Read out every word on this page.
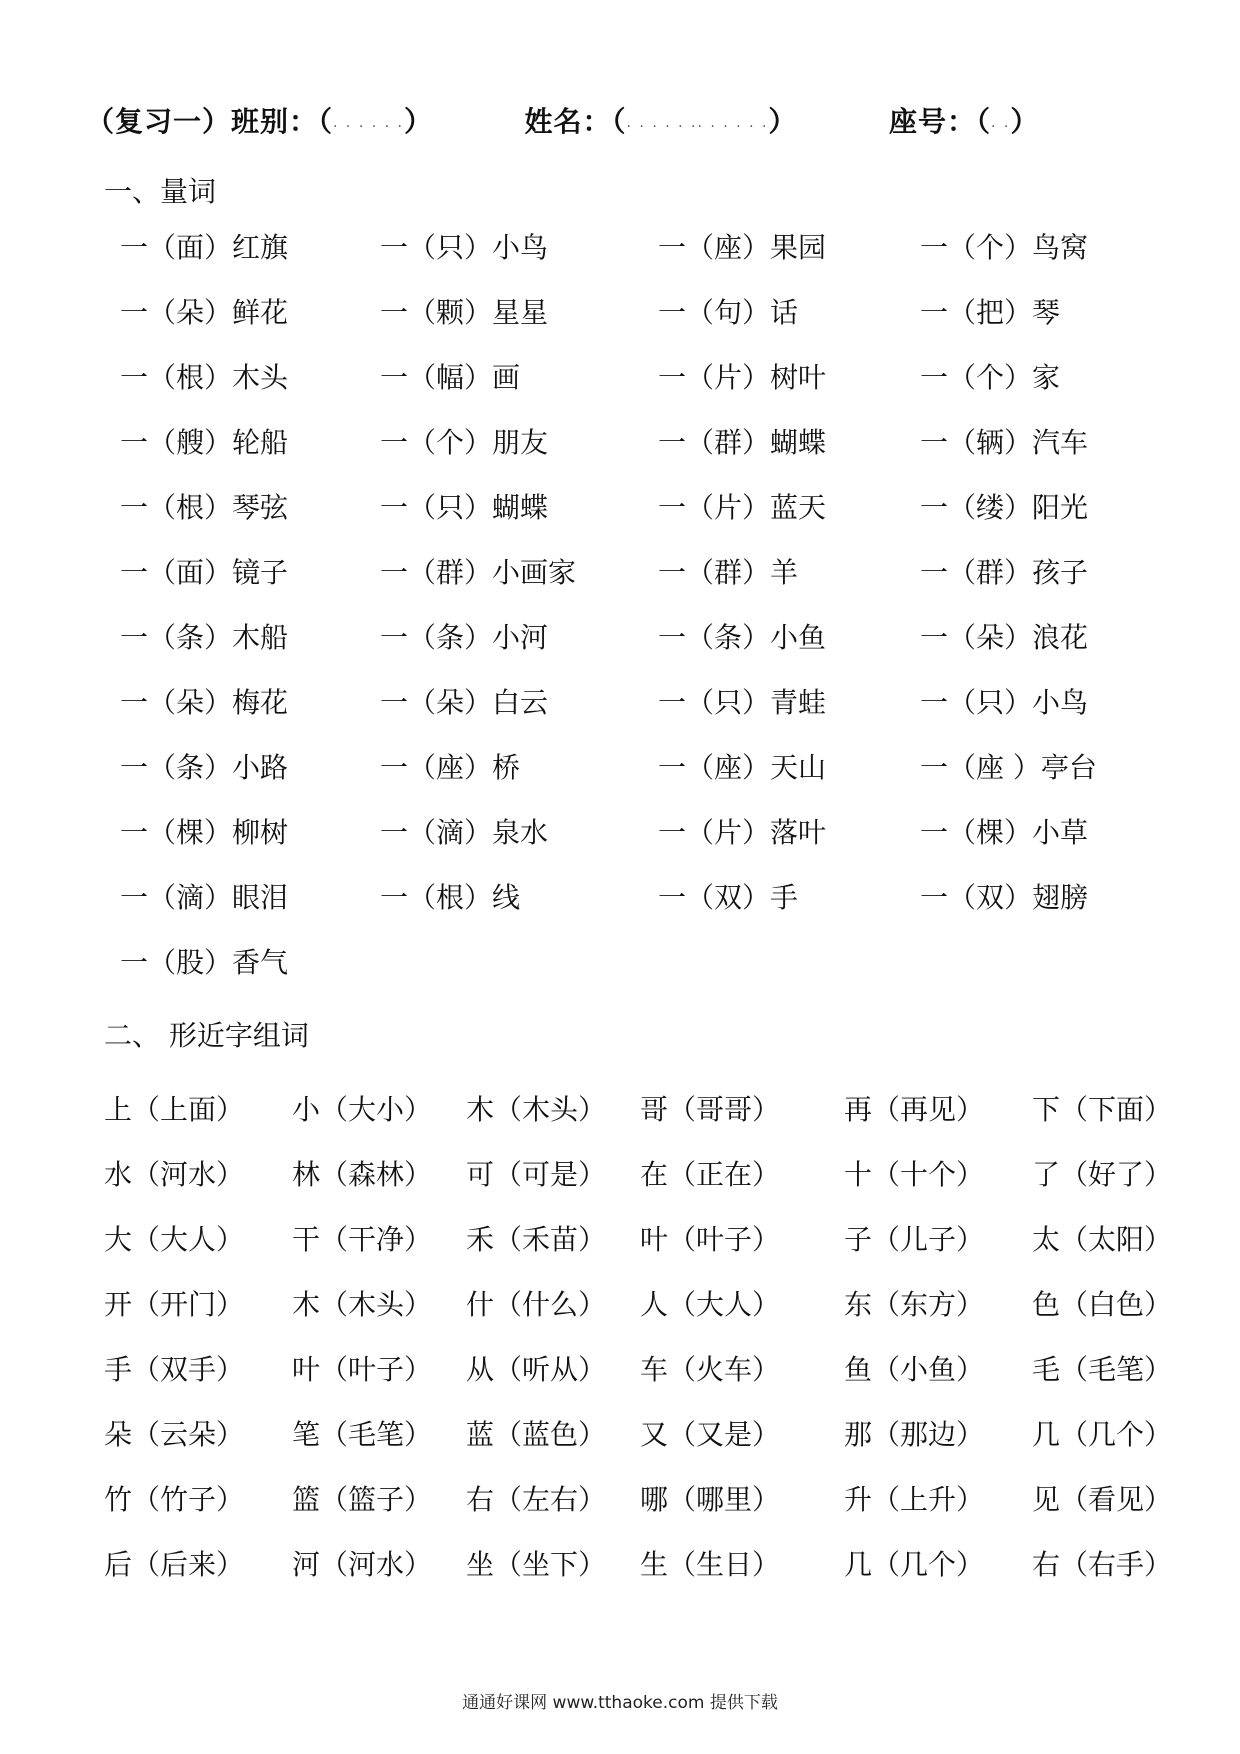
（复习一）班别：（· · · · · ·）	姓名：（· · · · · ·· · · · · ·）	座号：（· ·）
一、量词
一（面）红旗	一（只）小鸟	一（座）果园	一（个）鸟窝
一（朵）鲜花	一（颗）星星	一（句）话	一（把）琴
一（根）木头	一（幅）画	一（片）树叶	一（个）家
一（艘）轮船	一（个）朋友	一（群）蝴蝶	一（辆）汽车
一（根）琴弦	一（只）蝴蝶	一（片）蓝天	一（缕）阳光
一（面）镜子	一（群）小画家	一（群）羊	一（群）孩子
一（条）木船	一（条）小河	一（条）小鱼	一（朵）浪花
一（朵）梅花	一（朵）白云	一（只）青蛙	一（只）小鸟
一（条）小路	一（座）桥	一（座）天山	一（座 ）亭台
一（棵）柳树	一（滴）泉水	一（片）落叶	一（棵）小草
一（滴）眼泪	一（根）线	一（双）手	一（双）翅膀
一（股）香气
二、 形近字组词
上（上面） 小（大小） 木（木头） 哥（哥哥） 再（再见） 下（下面）
水（河水） 林（森林） 可（可是） 在（正在） 十（十个） 了（好了）
大（大人） 干（干净） 禾（禾苗） 叶（叶子） 子（儿子） 太（太阳）
开（开门） 木（木头） 什（什么） 人（大人） 东（东方） 色（白色）
手（双手） 叶（叶子） 从（听从） 车（火车） 鱼（小鱼） 毛（毛笔）
朵（云朵） 笔（毛笔） 蓝（蓝色） 又（又是） 那（那边） 几（几个）
竹（竹子） 篮（篮子） 右（左右） 哪（哪里） 升（上升） 见（看见）
后（后来） 河（河水） 坐（坐下） 生（生日） 几（几个） 右（右手）
通通好课网 www.tthaoke.com 提供下载
